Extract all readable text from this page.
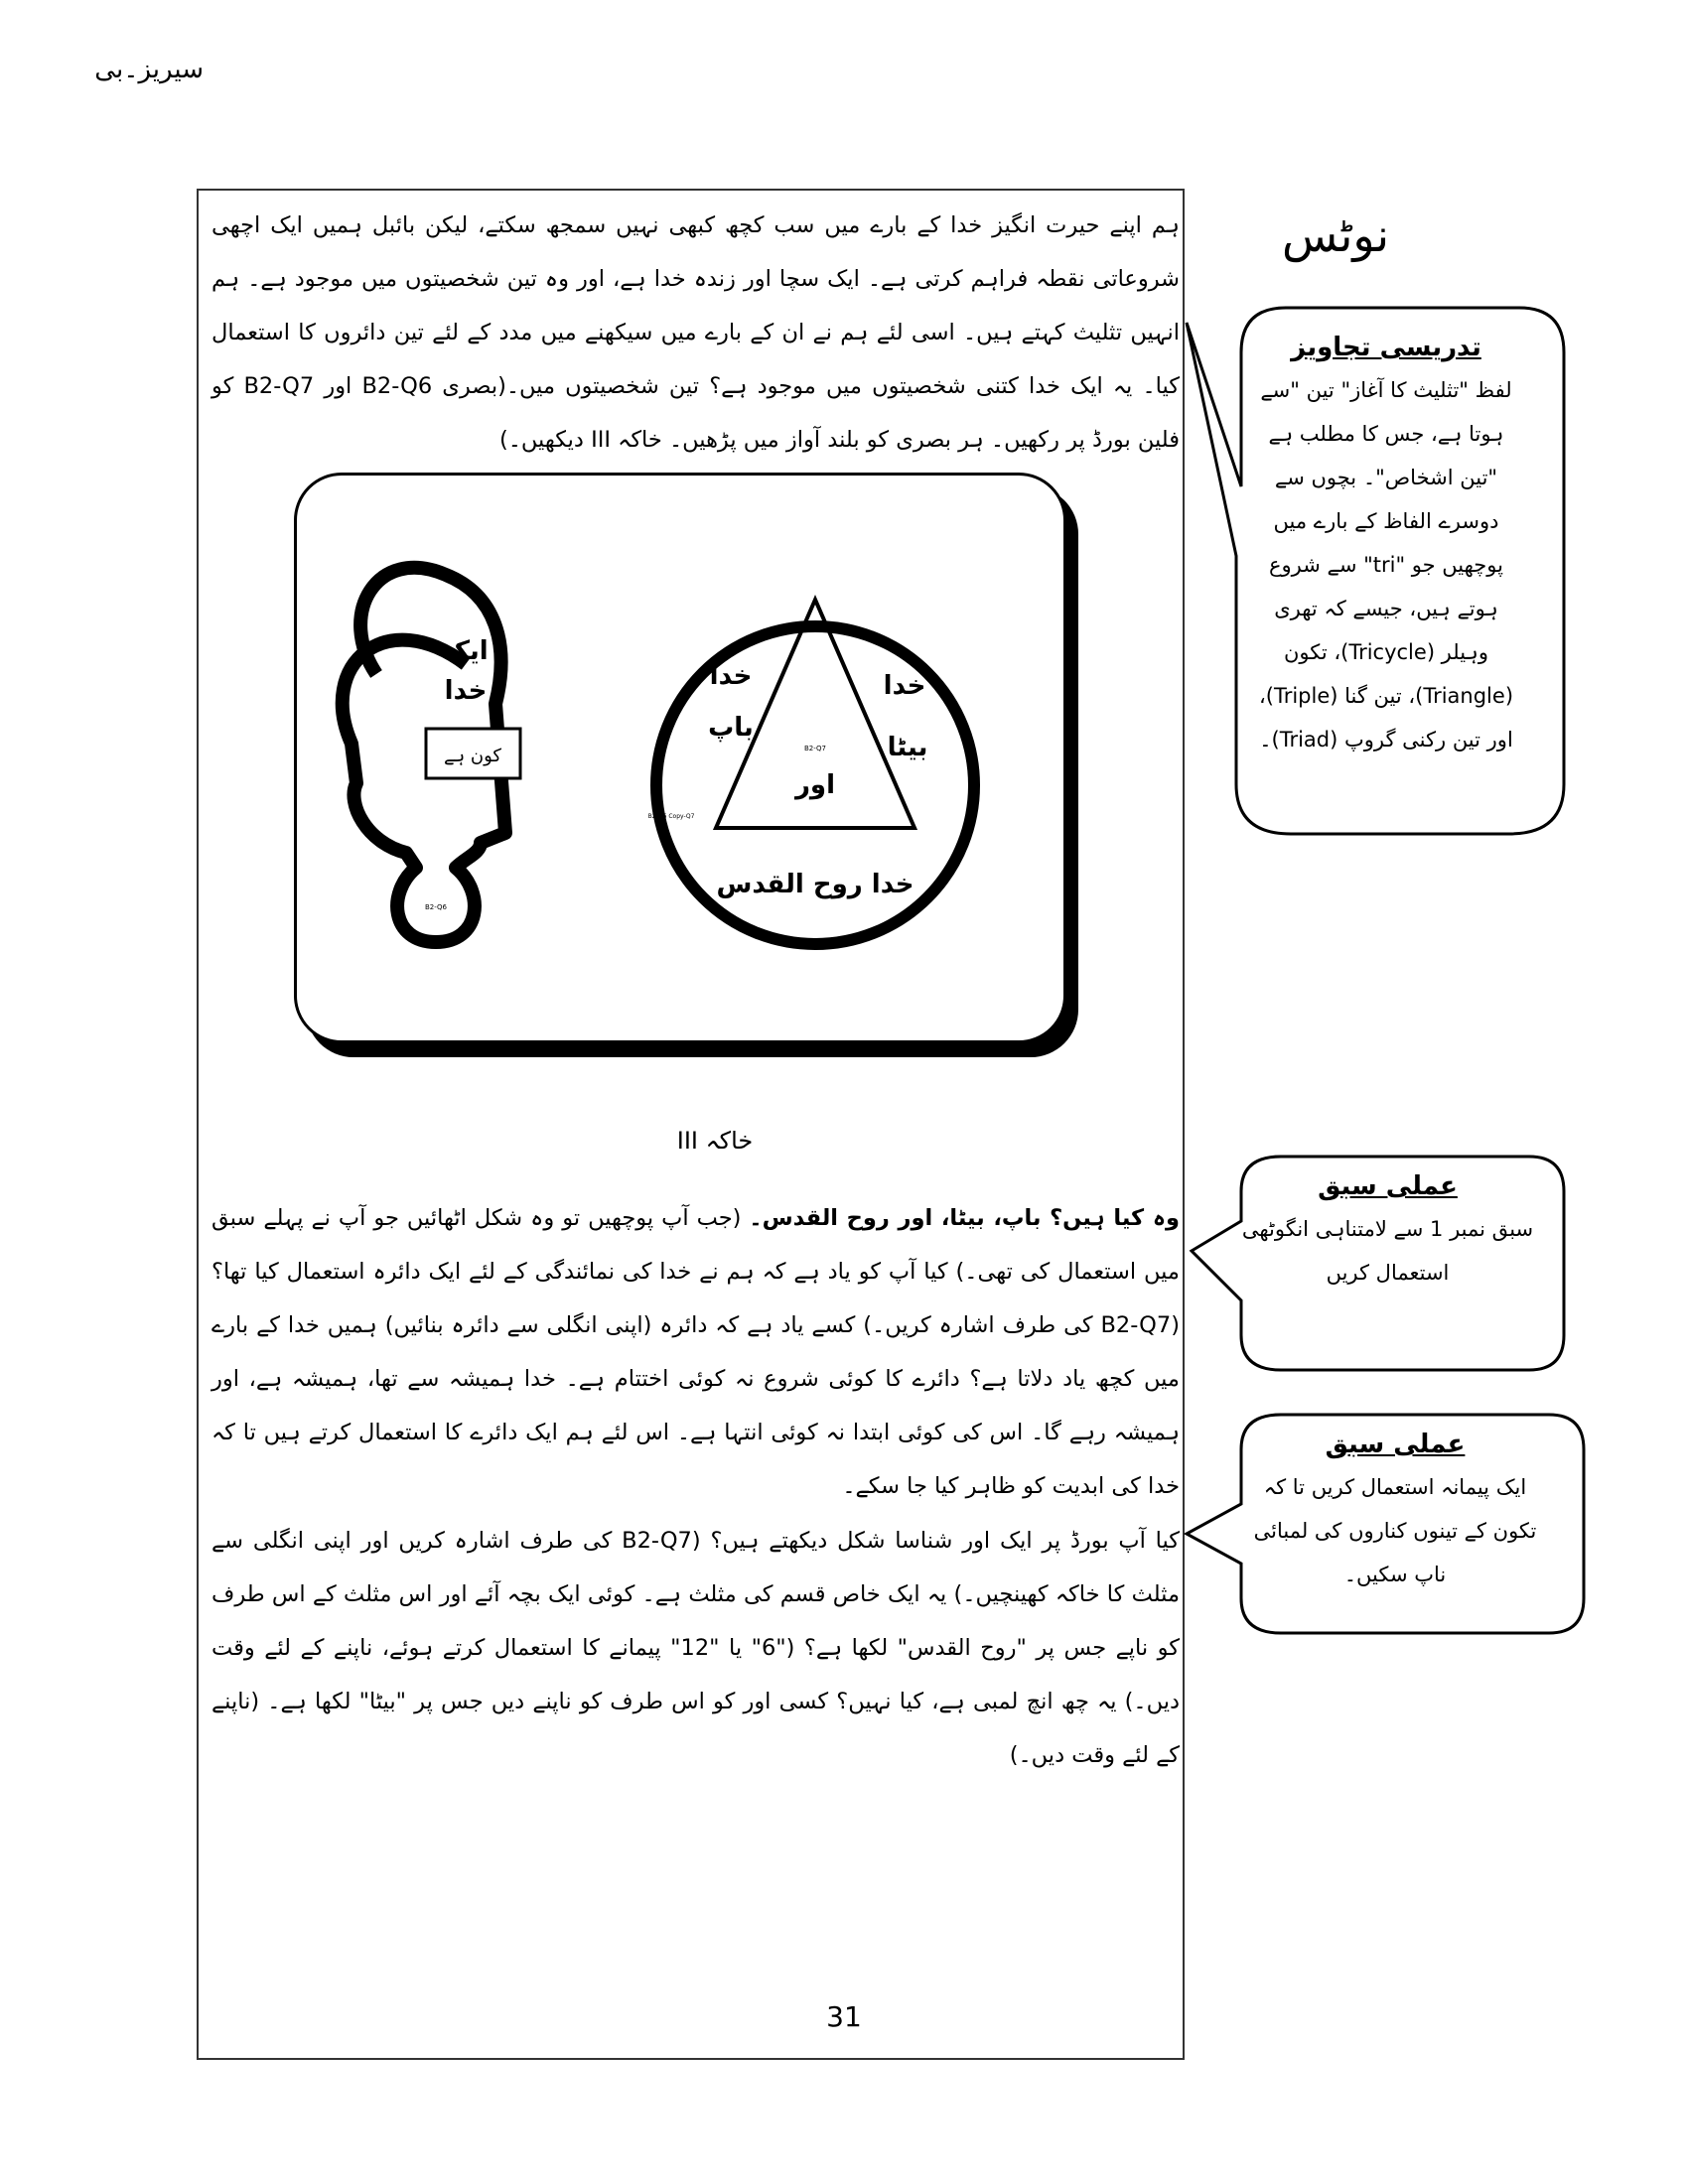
سیریز۔بی

ہم اپنے حیرت انگیز خدا کے بارے میں سب کچھ کبھی نہیں سمجھ سکتے، لیکن بائبل ہمیں ایک اچھی شروعاتی نقطہ فراہم کرتی ہے۔ ایک سچا اور زندہ خدا ہے، اور وہ تین شخصیتوں میں موجود ہے۔ ہم انہیں تثلیث کہتے ہیں۔ اسی لئے ہم نے ان کے بارے میں سیکھنے میں مدد کے لئے تین دائروں کا استعمال کیا۔ یہ ایک خدا کتنی شخصیتوں میں موجود ہے؟ تین شخصیتوں میں۔(بصری B2-Q6 اور B2-Q7 کو فلین بورڈ پر رکھیں۔ ہر بصری کو بلند آواز میں پڑھیں۔ خاکہ III دیکھیں۔)

ایک
خدا
کون ہے
B2-Q6
خدا
باپ
خدا
بیٹا
اور
خدا روح القدس
B2-Q7
B2-Q6 Copy-Q7
خاکہ III

وہ کیا ہیں؟ باپ، بیٹا، اور روح القدس۔ (جب آپ پوچھیں تو وہ شکل اٹھائیں جو آپ نے پہلے سبق میں استعمال کی تھی۔) کیا آپ کو یاد ہے کہ ہم نے خدا کی نمائندگی کے لئے ایک دائرہ استعمال کیا تھا؟ (B2-Q7 کی طرف اشارہ کریں۔) کسے یاد ہے کہ دائرہ (اپنی انگلی سے دائرہ بنائیں) ہمیں خدا کے بارے میں کچھ یاد دلاتا ہے؟ دائرے کا کوئی شروع نہ کوئی اختتام ہے۔ خدا ہمیشہ سے تھا، ہمیشہ ہے، اور ہمیشہ رہے گا۔ اس کی کوئی ابتدا نہ کوئی انتہا ہے۔ اس لئے ہم ایک دائرے کا استعمال کرتے ہیں تا کہ خدا کی ابدیت کو ظاہر کیا جا سکے۔

کیا آپ بورڈ پر ایک اور شناسا شکل دیکھتے ہیں؟ (B2-Q7 کی طرف اشارہ کریں اور اپنی انگلی سے مثلث کا خاکہ کھینچیں۔) یہ ایک خاص قسم کی مثلث ہے۔ کوئی ایک بچہ آئے اور اس مثلث کے اس طرف کو ناپے جس پر "روح القدس" لکھا ہے؟ ("6" یا "12" پیمانے کا استعمال کرتے ہوئے، ناپنے کے لئے وقت دیں۔) یہ چھ انچ لمبی ہے، کیا نہیں؟ کسی اور کو اس طرف کو ناپنے دیں جس پر "بیٹا" لکھا ہے۔ (ناپنے کے لئے وقت دیں۔)

31
نوٹس
تدریسی تجاویز
لفظ "تثلیث کا آغاز" تین "سے ہوتا ہے، جس کا مطلب ہے "تین اشخاص"۔ بچوں سے دوسرے الفاظ کے بارے میں پوچھیں جو "tri" سے شروع ہوتے ہیں، جیسے کہ تھری وہیلر (Tricycle)، تکون (Triangle)، تین گنا (Triple)، اور تین رکنی گروپ (Triad)۔
عملی سبق
سبق نمبر 1 سے لامتناہی انگوٹھی استعمال کریں
عملی سبق
ایک پیمانہ استعمال کریں تا کہ تکون کے تینوں کناروں کی لمبائی ناپ سکیں۔
